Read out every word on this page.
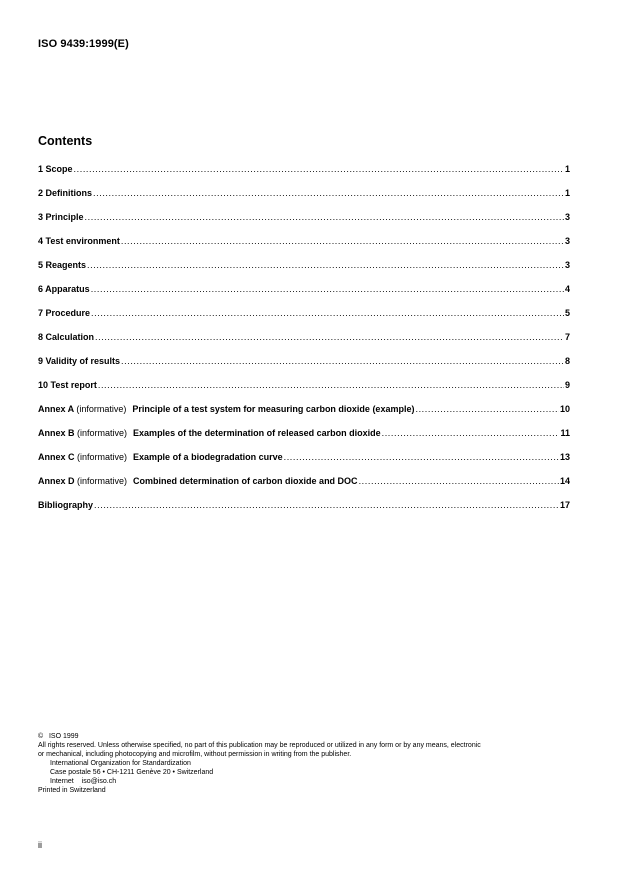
ISO 9439:1999(E)
Contents
1 Scope .....	1
2 Definitions .....	1
3 Principle .....	3
4 Test environment .....	3
5 Reagents .....	3
6 Apparatus .....	4
7 Procedure .....	5
8 Calculation .....	7
9 Validity of results .....	8
10 Test report .....	9
Annex A (informative) Principle of a test system for measuring carbon dioxide (example) .....	10
Annex B (informative) Examples of the determination of released carbon dioxide .....	11
Annex C (informative) Example of a biodegradation curve .....	13
Annex D (informative) Combined determination of carbon dioxide and DOC .....	14
Bibliography .....	17
©   ISO 1999
All rights reserved. Unless otherwise specified, no part of this publication may be reproduced or utilized in any form or by any means, electronic
or mechanical, including photocopying and microfilm, without permission in writing from the publisher.
International Organization for Standardization
Case postale 56 • CH-1211 Genève 20 • Switzerland
Internet iso@iso.ch
Printed in Switzerland
ii
